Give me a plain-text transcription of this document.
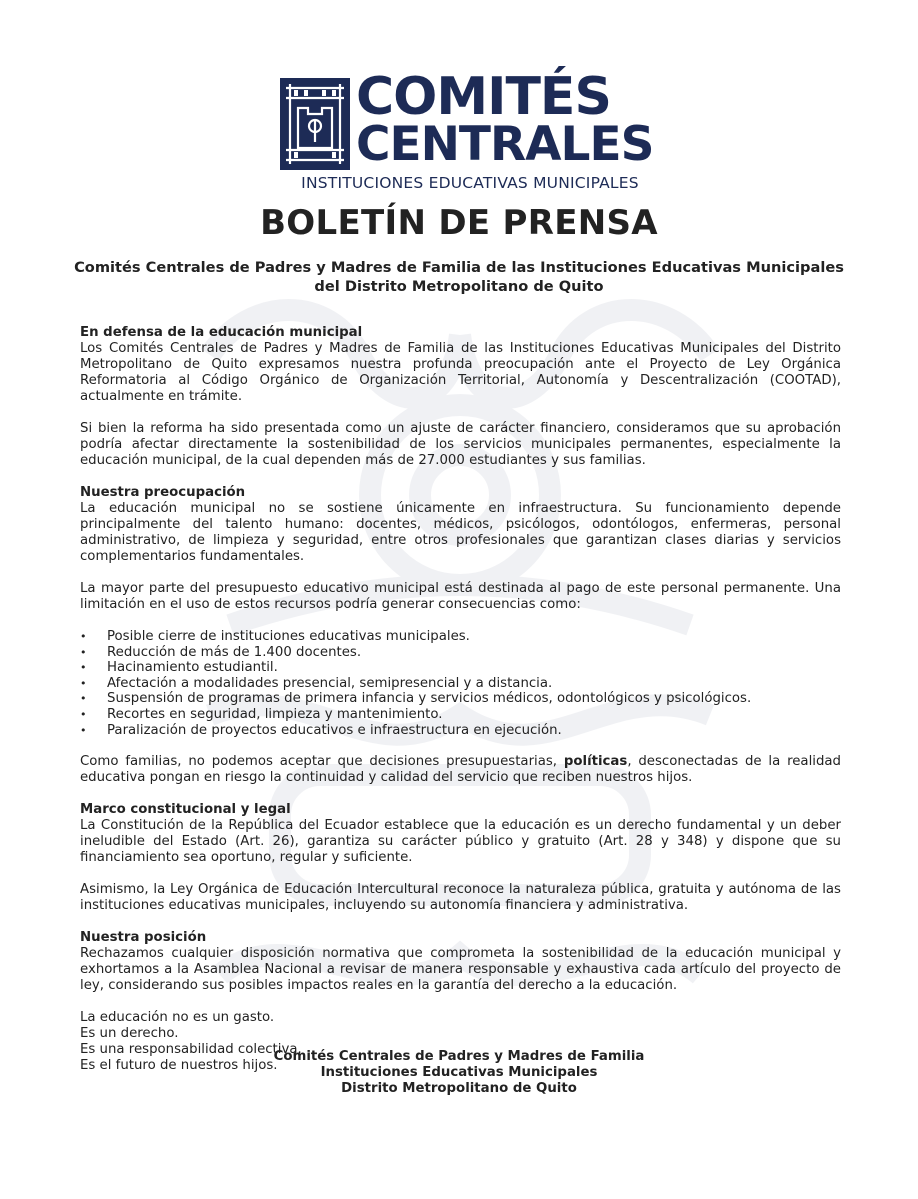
COMITÉS
CENTRALES
INSTITUCIONES EDUCATIVAS MUNICIPALES
BOLETÍN DE PRENSA
Comités Centrales de Padres y Madres de Familia de las Instituciones Educativas Municipales del Distrito Metropolitano de Quito
En defensa de la educación municipal

Los Comités Centrales de Padres y Madres de Familia de las Instituciones Educativas Municipales del Distrito Metropolitano de Quito expresamos nuestra profunda preocupación ante el Proyecto de Ley Orgánica Reformatoria al Código Orgánico de Organización Territorial, Autonomía y Descentralización (COOTAD), actualmente en trámite.

Si bien la reforma ha sido presentada como un ajuste de carácter financiero, consideramos que su aprobación podría afectar directamente la sostenibilidad de los servicios municipales permanentes, especialmente la educación municipal, de la cual dependen más de 27.000 estudiantes y sus familias.

Nuestra preocupación

La educación municipal no se sostiene únicamente en infraestructura. Su funcionamiento depende principalmente del talento humano: docentes, médicos, psicólogos, odontólogos, enfermeras, personal administrativo, de limpieza y seguridad, entre otros profesionales que garantizan clases diarias y servicios complementarios fundamentales.

La mayor parte del presupuesto educativo municipal está destinada al pago de este personal permanente. Una limitación en el uso de estos recursos podría generar consecuencias como:

• Posible cierre de instituciones educativas municipales.
• Reducción de más de 1.400 docentes.
• Hacinamiento estudiantil.
• Afectación a modalidades presencial, semipresencial y a distancia.
• Suspensión de programas de primera infancia y servicios médicos, odontológicos y psicológicos.
• Recortes en seguridad, limpieza y mantenimiento.
• Paralización de proyectos educativos e infraestructura en ejecución.

Como familias, no podemos aceptar que decisiones presupuestarias, políticas, desconectadas de la realidad educativa pongan en riesgo la continuidad y calidad del servicio que reciben nuestros hijos.

Marco constitucional y legal

La Constitución de la República del Ecuador establece que la educación es un derecho fundamental y un deber ineludible del Estado (Art. 26), garantiza su carácter público y gratuito (Art. 28 y 348) y dispone que su financiamiento sea oportuno, regular y suficiente.

Asimismo, la Ley Orgánica de Educación Intercultural reconoce la naturaleza pública, gratuita y autónoma de las instituciones educativas municipales, incluyendo su autonomía financiera y administrativa.

Nuestra posición

Rechazamos cualquier disposición normativa que comprometa la sostenibilidad de la educación municipal y exhortamos a la Asamblea Nacional a revisar de manera responsable y exhaustiva cada artículo del proyecto de ley, considerando sus posibles impactos reales en la garantía del derecho a la educación.

La educación no es un gasto.

Es un derecho.

Es una responsabilidad colectiva.

Es el futuro de nuestros hijos.

Comités Centrales de Padres y Madres de Familia
Instituciones Educativas Municipales
Distrito Metropolitano de Quito
